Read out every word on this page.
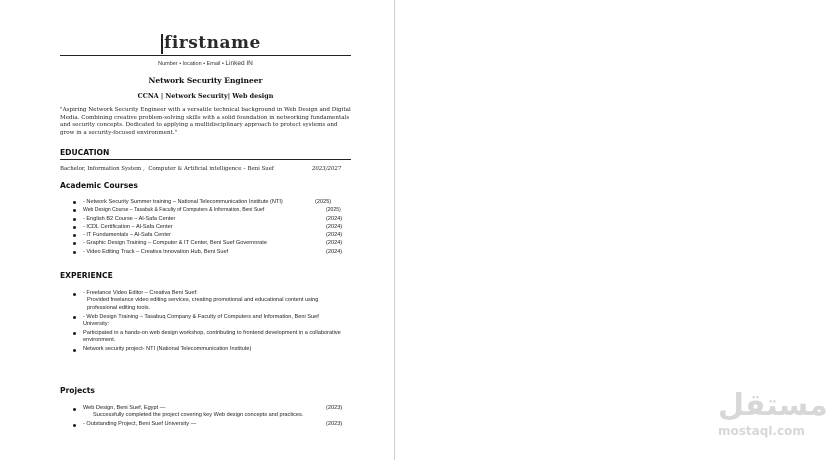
firstname
Number • location • Email • Linked IN
Network Security Engineer
CCNA | Network Security| Web design
"Aspiring Network Security Engineer with a versatile technical background in Web Design and Digital Media. Combining creative problem-solving skills with a solid foundation in networking fundamentals and security concepts. Dedicated to applying a multidisciplinary approach to protect systems and grow in a security-focused environment."
EDUCATION
Bachelor, Information System , Computer & Artificial intelligence – Beni Suef	2023/2027
Academic Courses
- Network Security Summer training – National Telecommunication Institute (NTI)	(2025)
Web Design Course – Tasabuk & Faculty of Computers & Information, Beni Suef	(2025)
- English B2 Course – Al-Safa Center	(2024)
- ICDL Certification – Al-Safa Center	(2024)
- IT Fundamentals – Al-Safa Center	(2024)
- Graphic Design Training – Computer & IT Center, Beni Suef Governorate	(2024)
- Video Editing Track – Creativa Innovation Hub, Beni Suef	(2024)
EXPERIENCE
- Freelance Video Editor – Creativa Beni Suef:
Provided freelance video editing services, creating promotional and educational content using professional editing tools.
- Web Design Training – Tasabuq Company & Faculty of Computers and Information, Beni Suef University:
Participated in a hands-on web design workshop, contributing to frontend development in a collaborative environment.
Network security project- NTI (National Telecommunication Institute)
Projects
Web Design, Beni Suef, Egypt —	(2023)
Successfully completed the project covering key Web design concepts and practices.
- Outstanding Project, Beni Suef University —	(2023)
مستقل
mostaql.com
